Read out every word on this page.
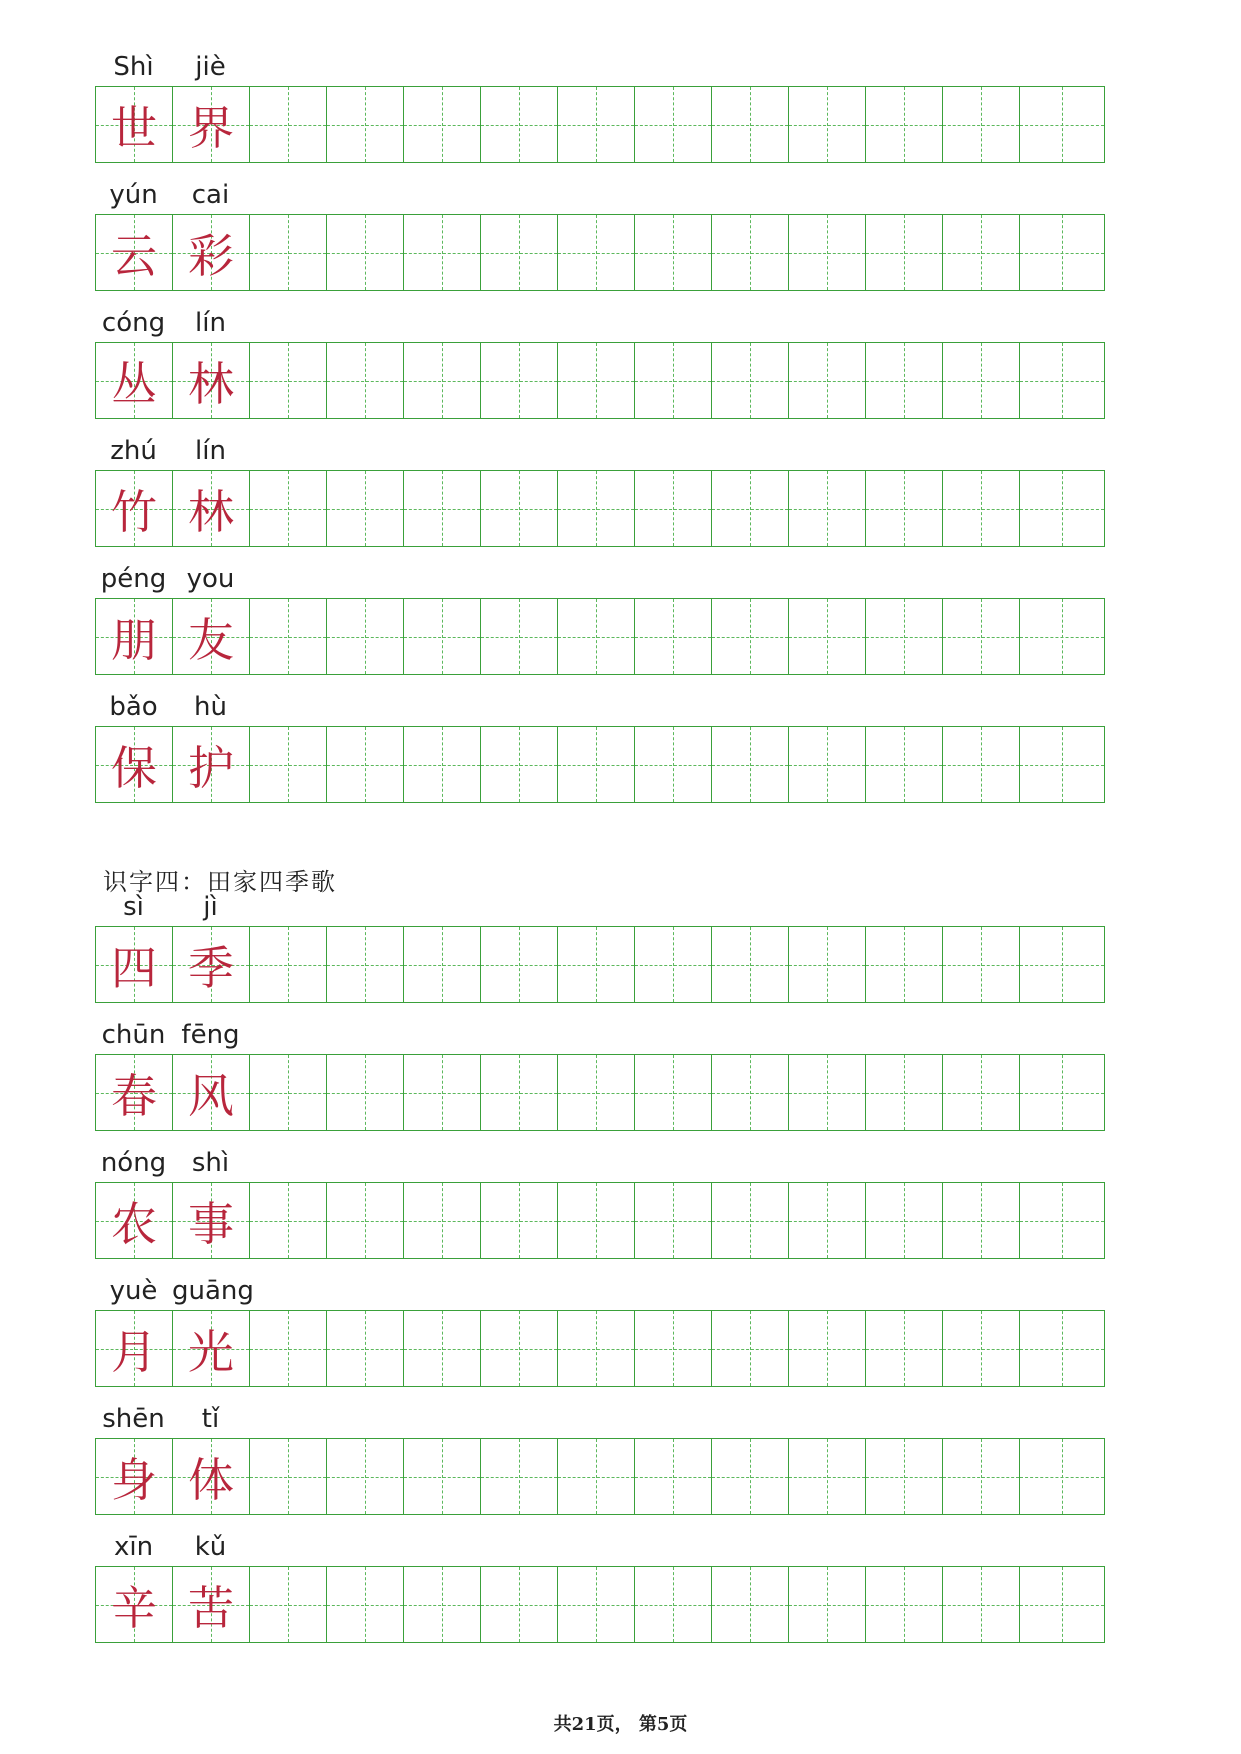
识字四：田家四季歌
共21页， 第5页
Shì	jiè
世 界
yún	cai
云 彩
cóng	lín
丛 林
zhú	lín
竹 林
péng you
朋 友
bǎo	hù
保 护
sì	jì
四 季
chūn fēng
春 风
nóng shì
农 事
yuè guāng
月 光
shēn	tǐ
身 体
xīn	kǔ
辛 苦
